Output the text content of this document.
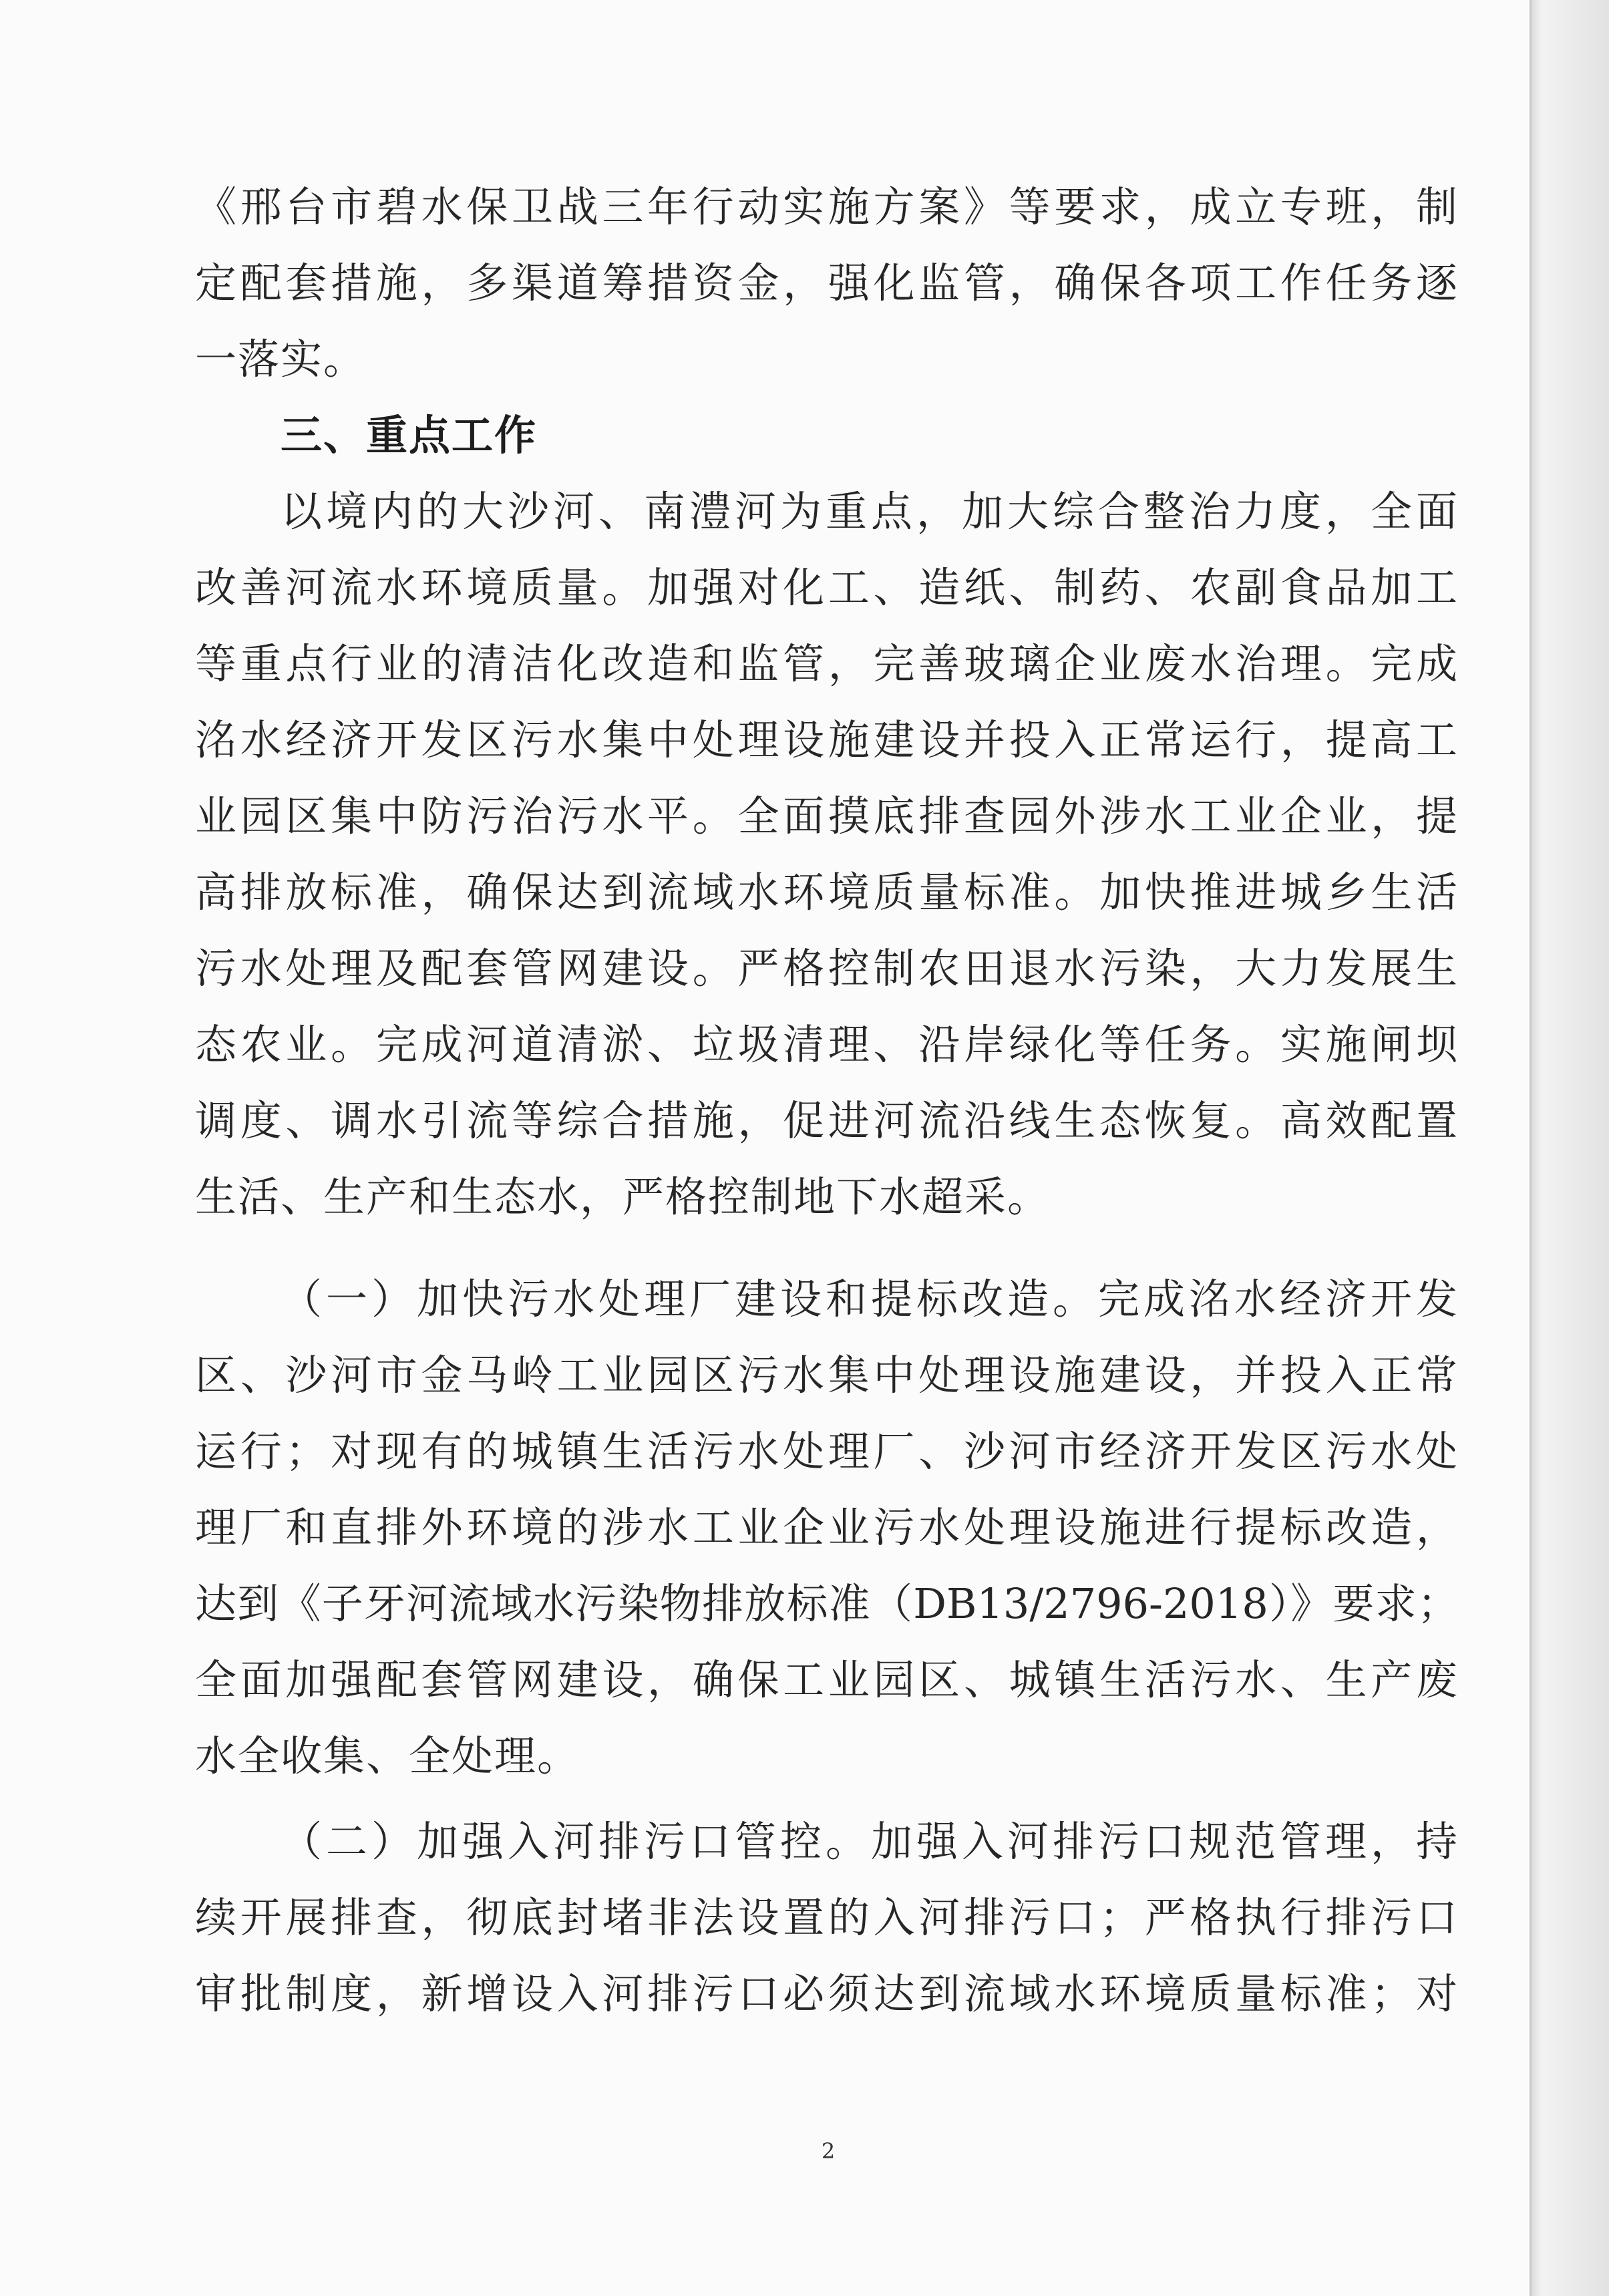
《邢台市碧水保卫战三年行动实施方案》等要求，成立专班，制
定配套措施，多渠道筹措资金，强化监管，确保各项工作任务逐
一落实。
三、重点工作
以境内的大沙河、南澧河为重点，加大综合整治力度，全面
改善河流水环境质量。加强对化工、造纸、制药、农副食品加工
等重点行业的清洁化改造和监管，完善玻璃企业废水治理。完成
洺水经济开发区污水集中处理设施建设并投入正常运行，提高工
业园区集中防污治污水平。全面摸底排查园外涉水工业企业，提
高排放标准，确保达到流域水环境质量标准。加快推进城乡生活
污水处理及配套管网建设。严格控制农田退水污染，大力发展生
态农业。完成河道清淤、垃圾清理、沿岸绿化等任务。实施闸坝
调度、调水引流等综合措施，促进河流沿线生态恢复。高效配置
生活、生产和生态水，严格控制地下水超采。
（一）加快污水处理厂建设和提标改造。完成洺水经济开发
区、沙河市金马岭工业园区污水集中处理设施建设，并投入正常
运行；对现有的城镇生活污水处理厂、沙河市经济开发区污水处
理厂和直排外环境的涉水工业企业污水处理设施进行提标改造，
达到《子牙河流域水污染物排放标准（DB13/2796-2018）》要求；
全面加强配套管网建设，确保工业园区、城镇生活污水、生产废
水全收集、全处理。
（二）加强入河排污口管控。加强入河排污口规范管理，持
续开展排查，彻底封堵非法设置的入河排污口；严格执行排污口
审批制度，新增设入河排污口必须达到流域水环境质量标准；对
2
